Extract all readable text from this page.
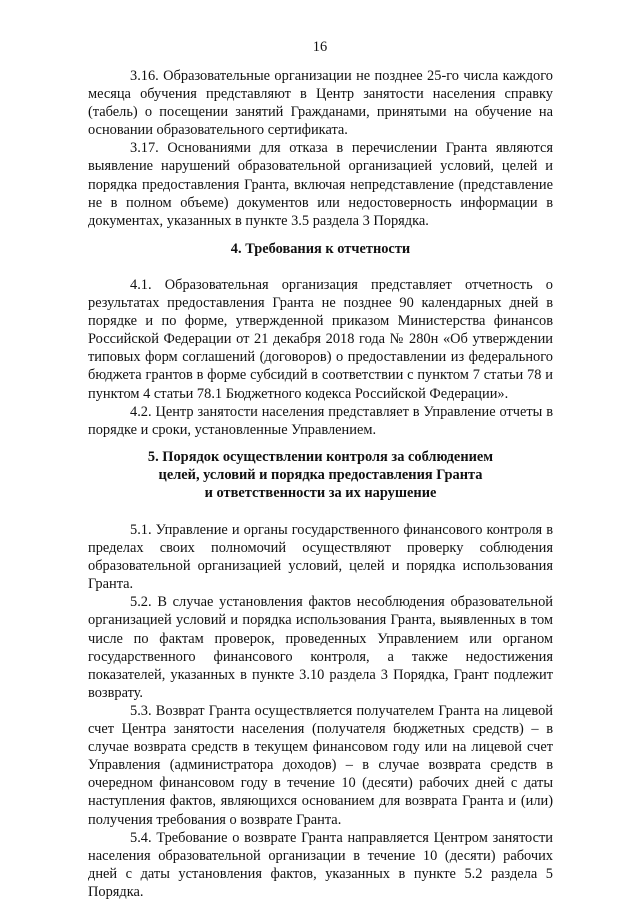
16

3.16. Образовательные организации не позднее 25-го числа каждого месяца обучения представляют в Центр занятости населения справку (табель) о посещении занятий Гражданами, принятыми на обучение на основании образовательного сертификата.

3.17. Основаниями для отказа в перечислении Гранта являются выявление нарушений образовательной организацией условий, целей и порядка предоставления Гранта, включая непредставление (представление не в полном объеме) документов или недостоверность информации в документах, указанных в пункте 3.5 раздела 3 Порядка.

4. Требования к отчетности

4.1. Образовательная организация представляет отчетность о результатах предоставления Гранта не позднее 90 календарных дней в порядке и по форме, утвержденной приказом Министерства финансов Российской Федерации от 21 декабря 2018 года № 280н «Об утверждении типовых форм соглашений (договоров) о предоставлении из федерального бюджета грантов в форме субсидий в соответствии с пунктом 7 статьи 78 и пунктом 4 статьи 78.1 Бюджетного кодекса Российской Федерации».

4.2. Центр занятости населения представляет в Управление отчеты в порядке и сроки, установленные Управлением.

5. Порядок осуществлении контроля за соблюдением
целей, условий и порядка предоставления Гранта
и ответственности за их нарушение

5.1. Управление и органы государственного финансового контроля в пределах своих полномочий осуществляют проверку соблюдения образовательной организацией условий, целей и порядка использования Гранта.

5.2. В случае установления фактов несоблюдения образовательной организацией условий и порядка использования Гранта, выявленных в том числе по фактам проверок, проведенных Управлением или органом государственного финансового контроля, а также недостижения показателей, указанных в пункте 3.10 раздела 3 Порядка, Грант подлежит возврату.

5.3. Возврат Гранта осуществляется получателем Гранта на лицевой счет Центра занятости населения (получателя бюджетных средств) – в случае возврата средств в текущем финансовом году или на лицевой счет Управления (администратора доходов) – в случае возврата средств в очередном финансовом году в течение 10 (десяти) рабочих дней с даты наступления фактов, являющихся основанием для возврата Гранта и (или) получения требования о возврате Гранта.

5.4. Требование о возврате Гранта направляется Центром занятости населения образовательной организации в течение 10 (десяти) рабочих дней с даты установления фактов, указанных в пункте 5.2 раздела 5 Порядка.
